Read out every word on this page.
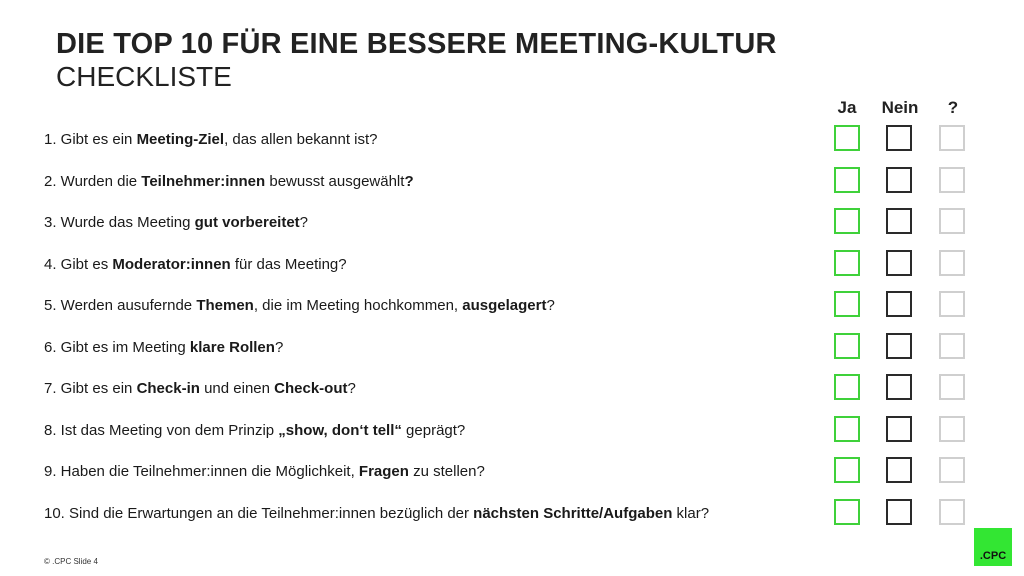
DIE TOP 10 FÜR EINE BESSERE MEETING-KULTUR
CHECKLISTE
Ja	Nein	?
1. Gibt es ein Meeting-Ziel, das allen bekannt ist?
2. Wurden die Teilnehmer:innen bewusst ausgewählt?
3. Wurde das Meeting gut vorbereitet?
4. Gibt es Moderator:innen für das Meeting?
5. Werden ausufernde Themen, die im Meeting hochkommen, ausgelagert?
6. Gibt es im Meeting klare Rollen?
7. Gibt es ein Check-in und einen Check-out?
8. Ist das Meeting von dem Prinzip „show, don‘t tell“ geprägt?
9. Haben die Teilnehmer:innen die Möglichkeit, Fragen zu stellen?
10. Sind die Erwartungen an die Teilnehmer:innen bezüglich der nächsten Schritte/Aufgaben klar?
© .CPC Slide 4	.CPC
